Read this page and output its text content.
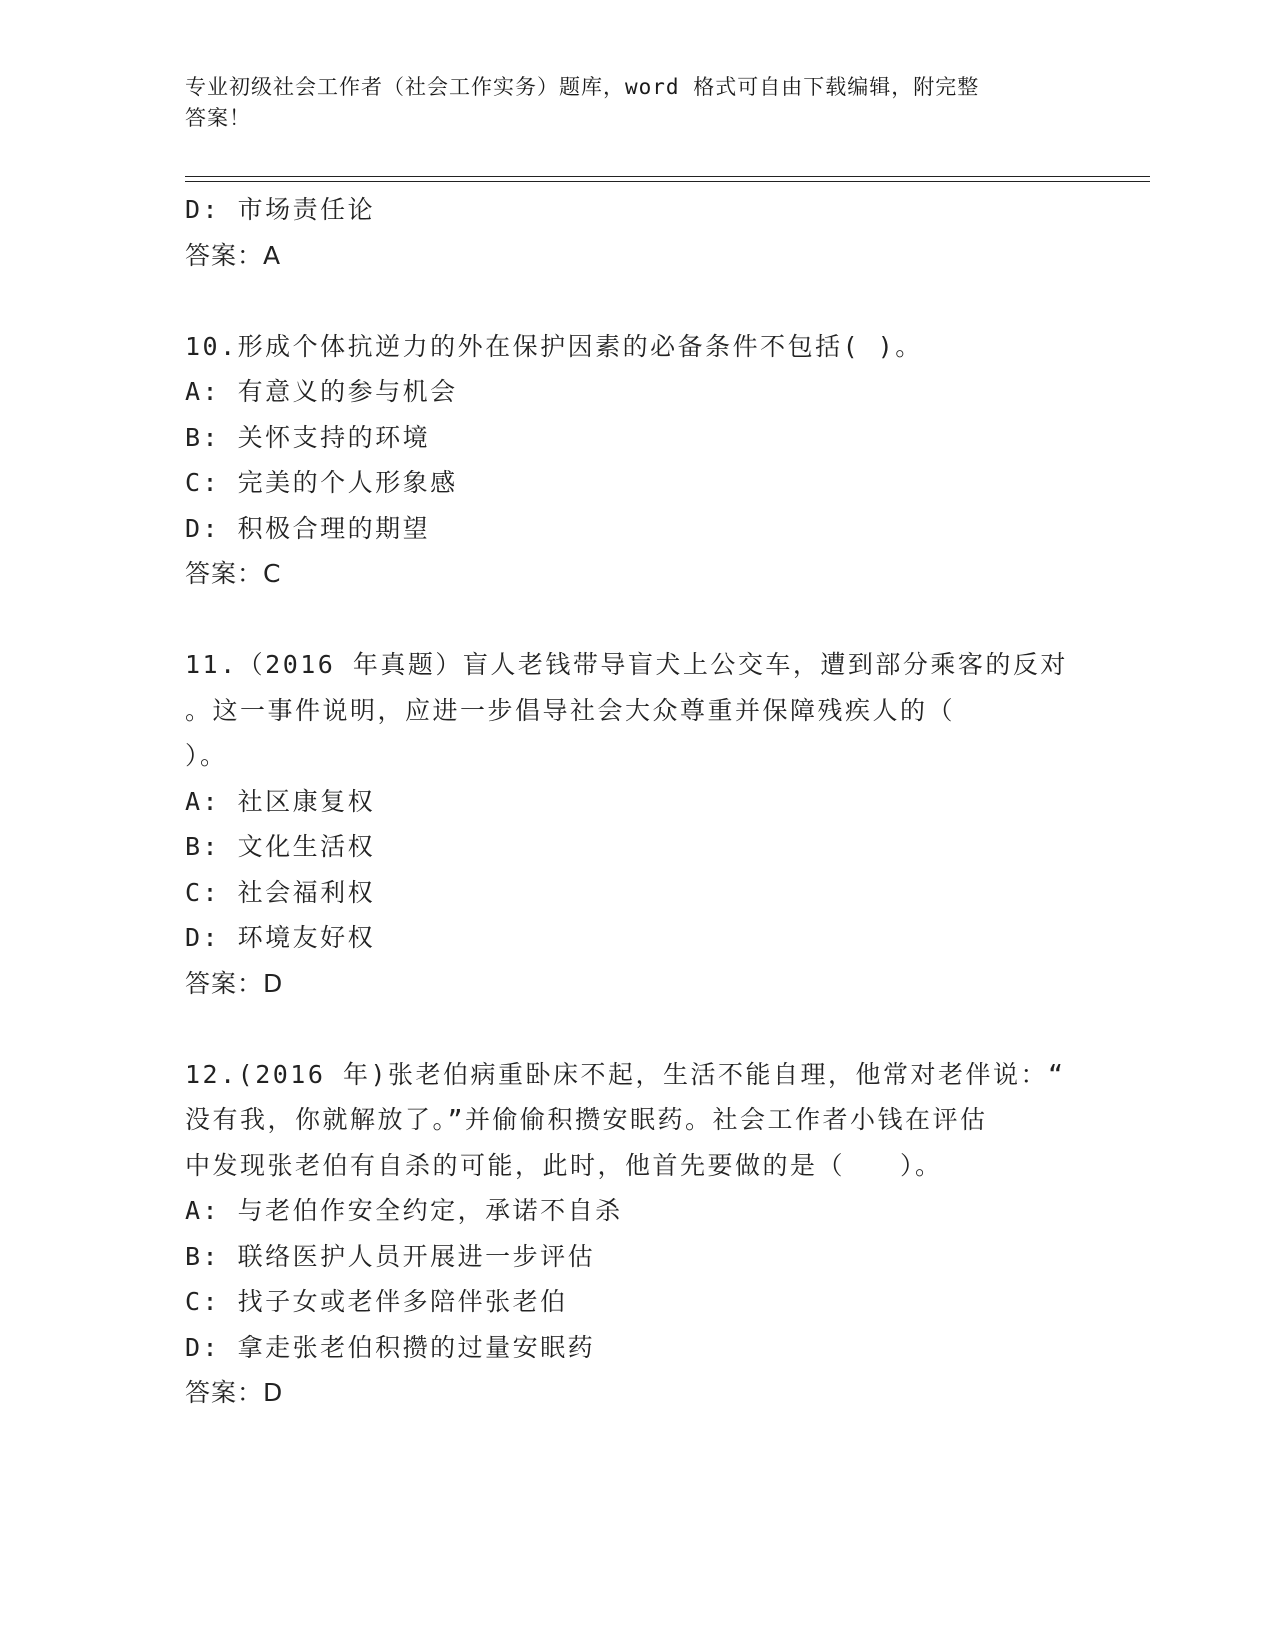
专业初级社会工作者（社会工作实务）题库，word 格式可自由下载编辑，附完整
答案！
D: 市场责任论
答案：A
10.形成个体抗逆力的外在保护因素的必备条件不包括( )。
A: 有意义的参与机会
B: 关怀支持的环境
C: 完美的个人形象感
D: 积极合理的期望
答案：C
11.（2016 年真题）盲人老钱带导盲犬上公交车，遭到部分乘客的反对
。这一事件说明，应进一步倡导社会大众尊重并保障残疾人的（
）。
A: 社区康复权
B: 文化生活权
C: 社会福利权
D: 环境友好权
答案：D
12.(2016 年)张老伯病重卧床不起，生活不能自理，他常对老伴说：“
没有我，你就解放了。”并偷偷积攒安眠药。社会工作者小钱在评估
中发现张老伯有自杀的可能，此时，他首先要做的是（　　）。
A: 与老伯作安全约定，承诺不自杀
B: 联络医护人员开展进一步评估
C: 找子女或老伴多陪伴张老伯
D: 拿走张老伯积攒的过量安眠药
答案：D
